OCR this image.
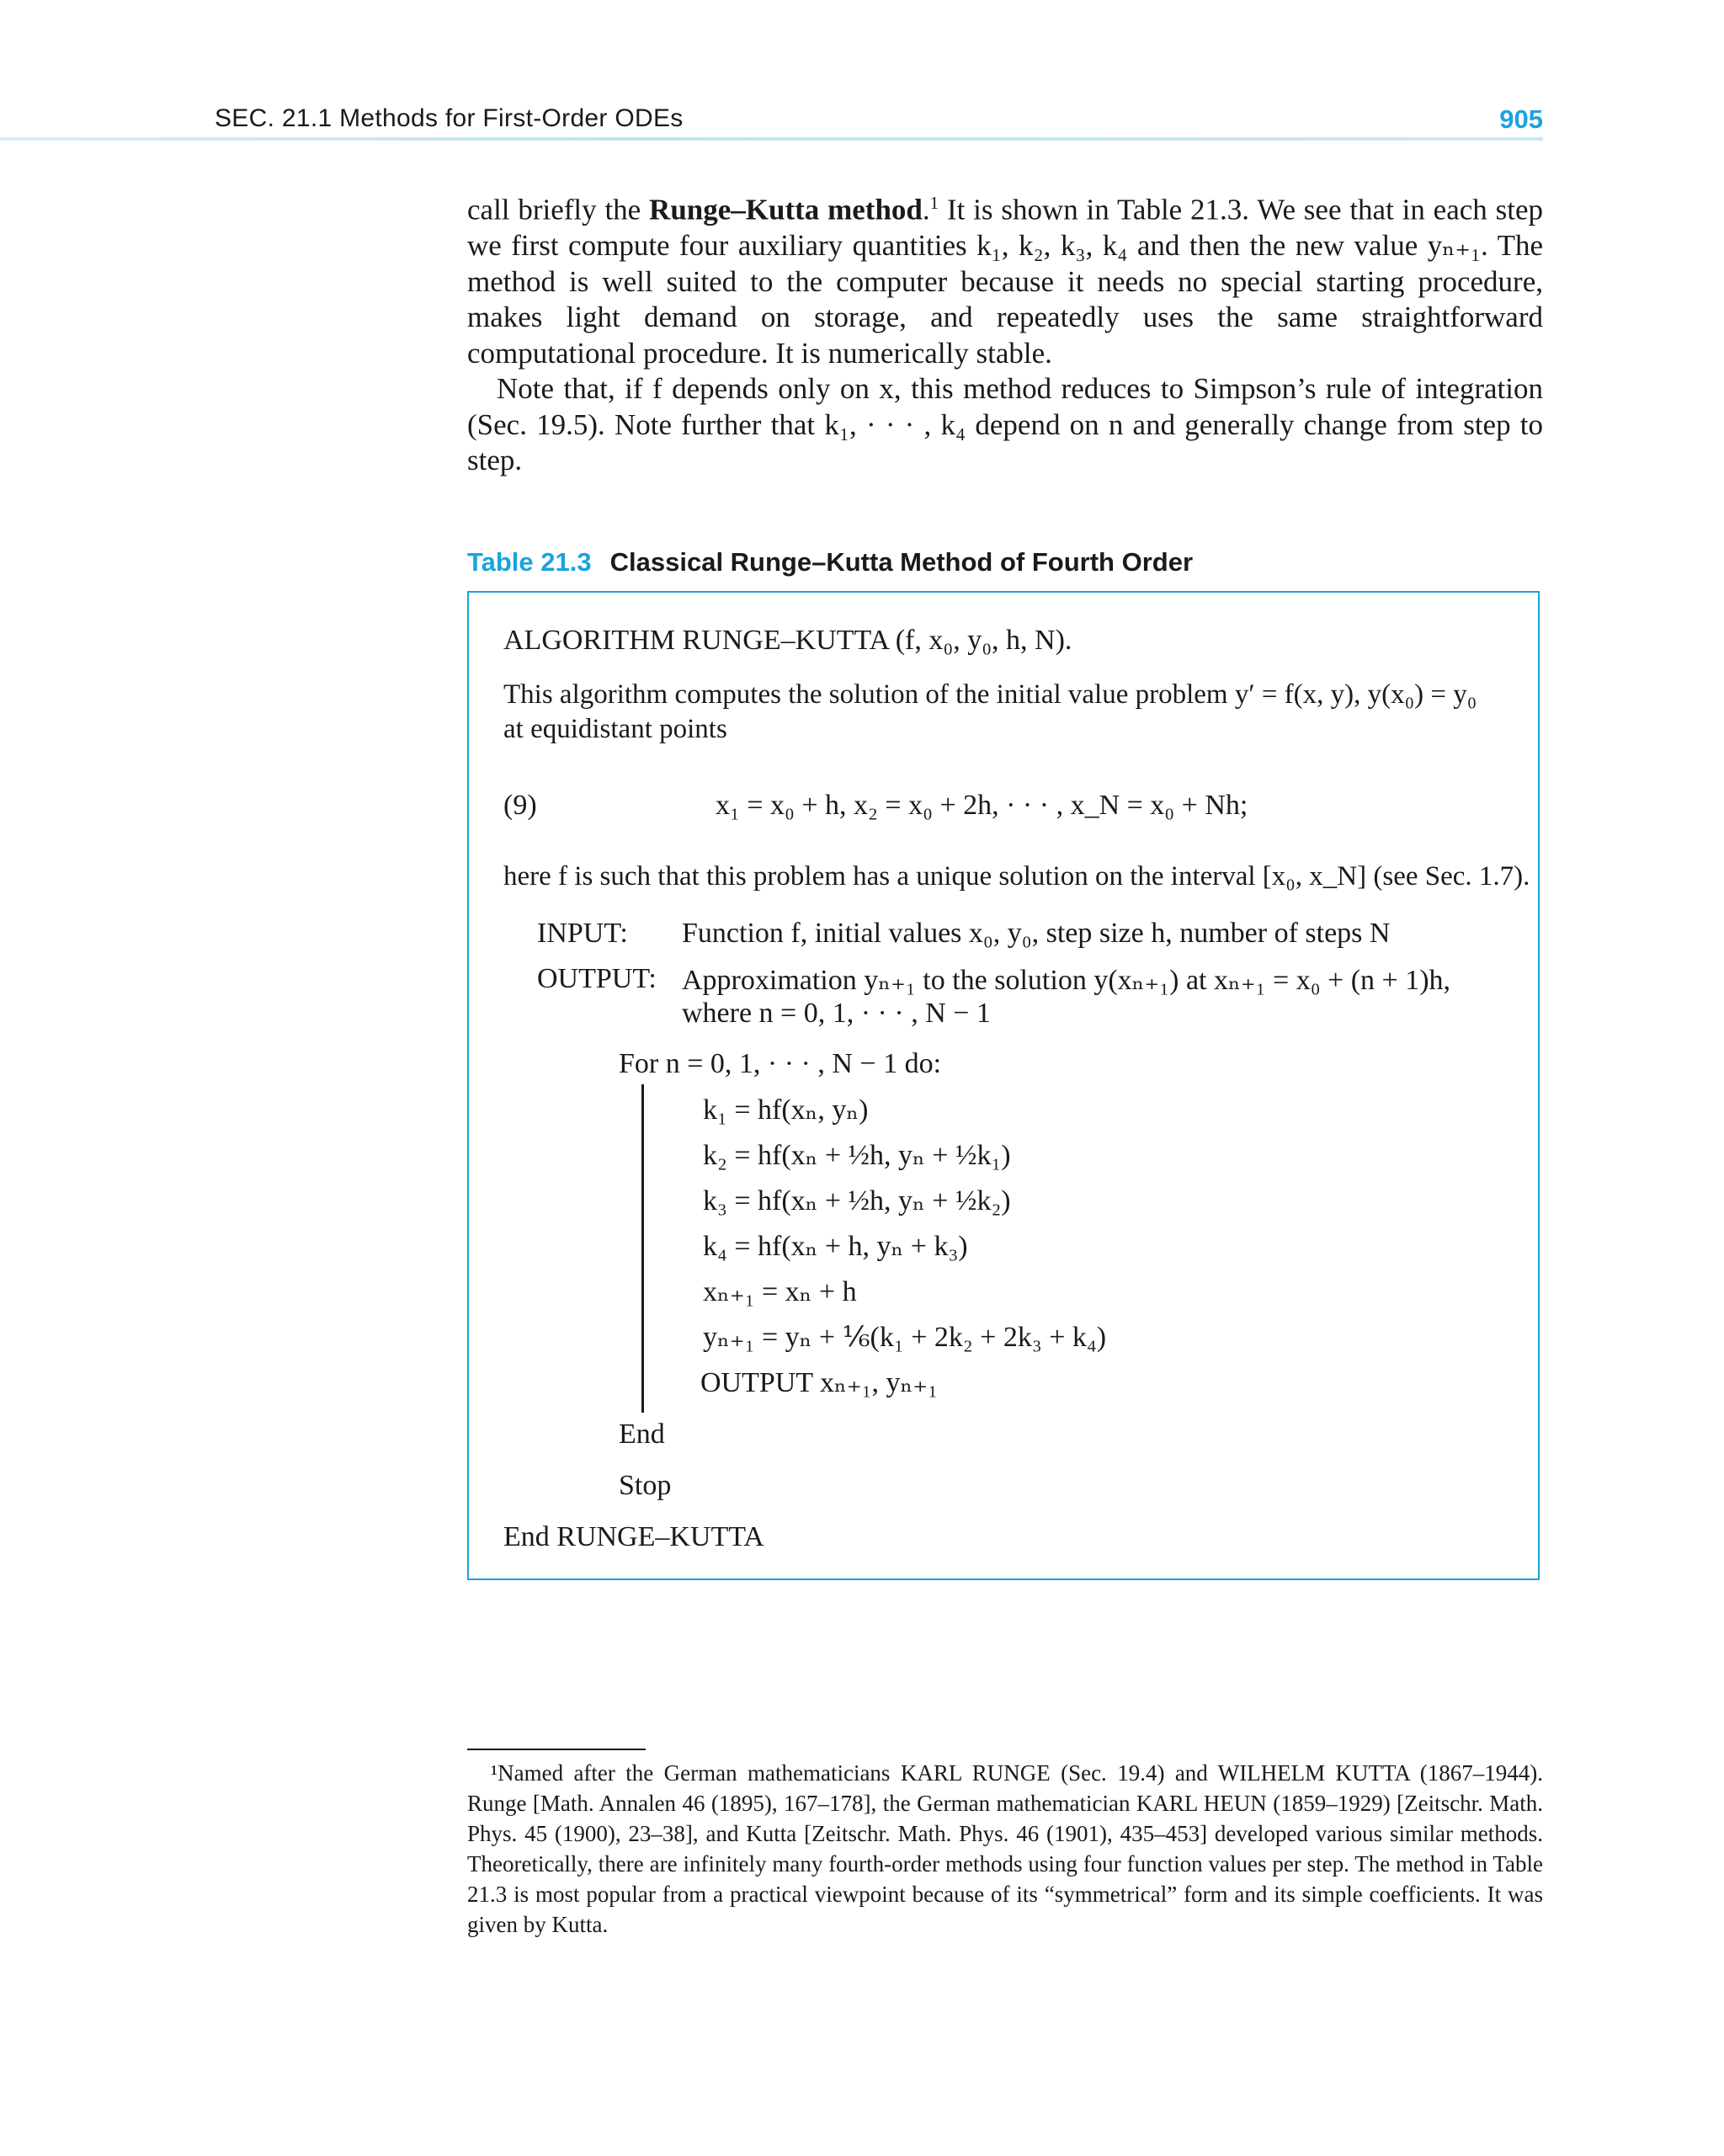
SEC. 21.1 Methods for First-Order ODEs	905

call briefly the Runge–Kutta method.$^1$ It is shown in Table 21.3. We see that in each step we first compute four auxiliary quantities k₁, k₂, k₃, k₄ and then the new value yₙ₊₁. The method is well suited to the computer because it needs no special starting procedure, makes light demand on storage, and repeatedly uses the same straightforward computational procedure. It is numerically stable.

Note that, if f depends only on x, this method reduces to Simpson’s rule of integration (Sec. 19.5). Note further that k₁, · · · , k₄ depend on n and generally change from step to step.

Table 21.3 Classical Runge–Kutta Method of Fourth Order
ALGORITHM RUNGE–KUTTA (f, x₀, y₀, h, N).
This algorithm computes the solution of the initial value problem y′ = f(x, y), y(x₀) = y₀
at equidistant points
(9)	x₁ = x₀ + h, x₂ = x₀ + 2h, · · · , x_N = x₀ + Nh;
here f is such that this problem has a unique solution on the interval [x₀, x_N] (see Sec. 1.7).
INPUT: Function f, initial values x₀, y₀, step size h, number of steps N
OUTPUT: Approximation yₙ₊₁ to the solution y(xₙ₊₁) at xₙ₊₁ = x₀ + (n + 1)h,
where n = 0, 1, · · · , N − 1
For n = 0, 1, · · · , N − 1 do:
k₁ = hf(xₙ, yₙ)
k₂ = hf(xₙ + ½h, yₙ + ½k₁)
k₃ = hf(xₙ + ½h, yₙ + ½k₂)
k₄ = hf(xₙ + h, yₙ + k₃)
xₙ₊₁ = xₙ + h
yₙ₊₁ = yₙ + ⅙(k₁ + 2k₂ + 2k₃ + k₄)
OUTPUT xₙ₊₁, yₙ₊₁
End
Stop
End RUNGE–KUTTA

¹Named after the German mathematicians KARL RUNGE (Sec. 19.4) and WILHELM KUTTA (1867–1944). Runge [Math. Annalen 46 (1895), 167–178], the German mathematician KARL HEUN (1859–1929) [Zeitschr. Math. Phys. 45 (1900), 23–38], and Kutta [Zeitschr. Math. Phys. 46 (1901), 435–453] developed various similar methods. Theoretically, there are infinitely many fourth-order methods using four function values per step. The method in Table 21.3 is most popular from a practical viewpoint because of its “symmetrical” form and its simple coefficients. It was given by Kutta.
